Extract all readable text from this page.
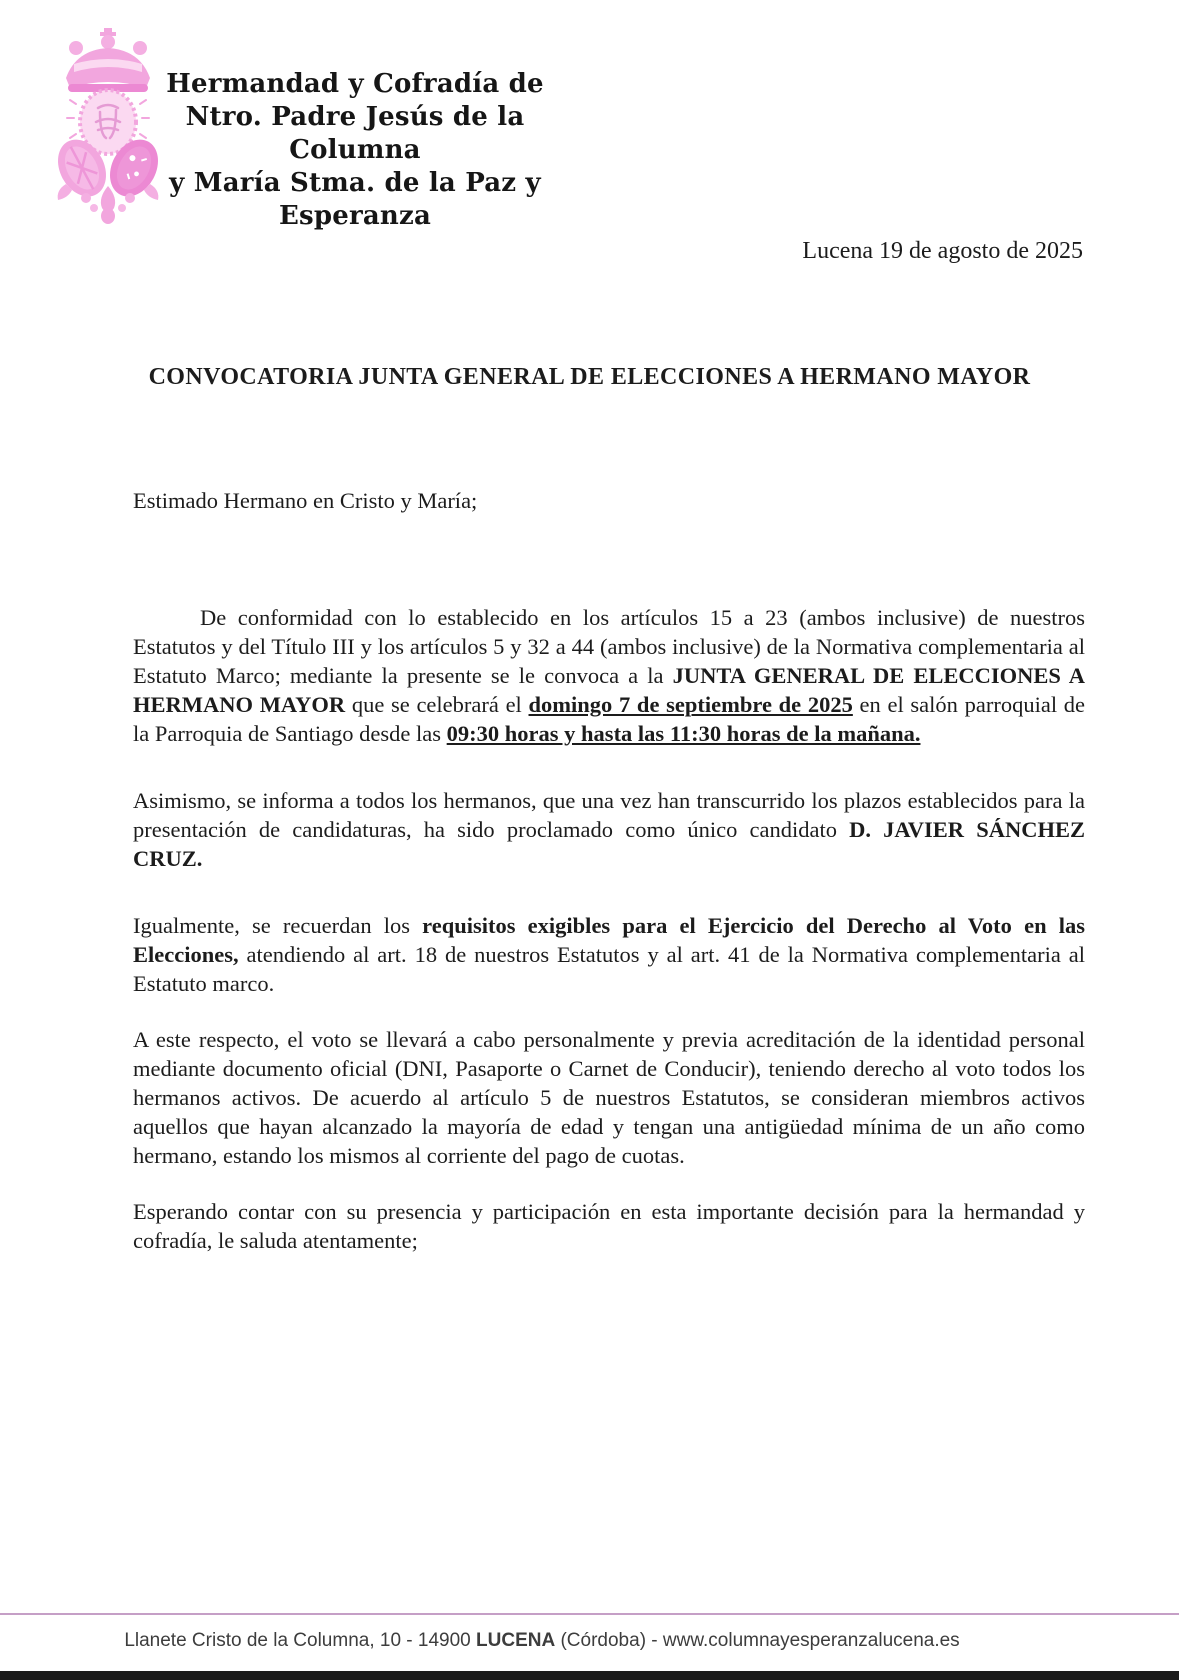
Hermandad y Cofradía de
Ntro. Padre Jesús de la Columna
y María Stma. de la Paz y Esperanza
Lucena 19 de agosto de 2025
CONVOCATORIA JUNTA GENERAL DE ELECCIONES A HERMANO MAYOR

Estimado Hermano en Cristo y María;

De conformidad con lo establecido en los artículos 15 a 23 (ambos inclusive) de nuestros Estatutos y del Título III y los artículos 5 y 32 a 44 (ambos inclusive) de la Normativa complementaria al Estatuto Marco; mediante la presente se le convoca a la JUNTA GENERAL DE ELECCIONES A HERMANO MAYOR que se celebrará el domingo 7 de septiembre de 2025 en el salón parroquial de la Parroquia de Santiago desde las 09:30 horas y hasta las 11:30 horas de la mañana.

Asimismo, se informa a todos los hermanos, que una vez han transcurrido los plazos establecidos para la presentación de candidaturas, ha sido proclamado como único candidato D. JAVIER SÁNCHEZ CRUZ.

Igualmente, se recuerdan los requisitos exigibles para el Ejercicio del Derecho al Voto en las Elecciones, atendiendo al art. 18 de nuestros Estatutos y al art. 41 de la Normativa complementaria al Estatuto marco.

A este respecto, el voto se llevará a cabo personalmente y previa acreditación de la identidad personal mediante documento oficial (DNI, Pasaporte o Carnet de Conducir), teniendo derecho al voto todos los hermanos activos. De acuerdo al artículo 5 de nuestros Estatutos, se consideran miembros activos aquellos que hayan alcanzado la mayoría de edad y tengan una antigüedad mínima de un año como hermano, estando los mismos al corriente del pago de cuotas.

Esperando contar con su presencia y participación en esta importante decisión para la hermandad y cofradía, le saluda atentamente;

Llanete Cristo de la Columna, 10 - 14900 LUCENA (Córdoba) - www.columnayesperanzalucena.es
